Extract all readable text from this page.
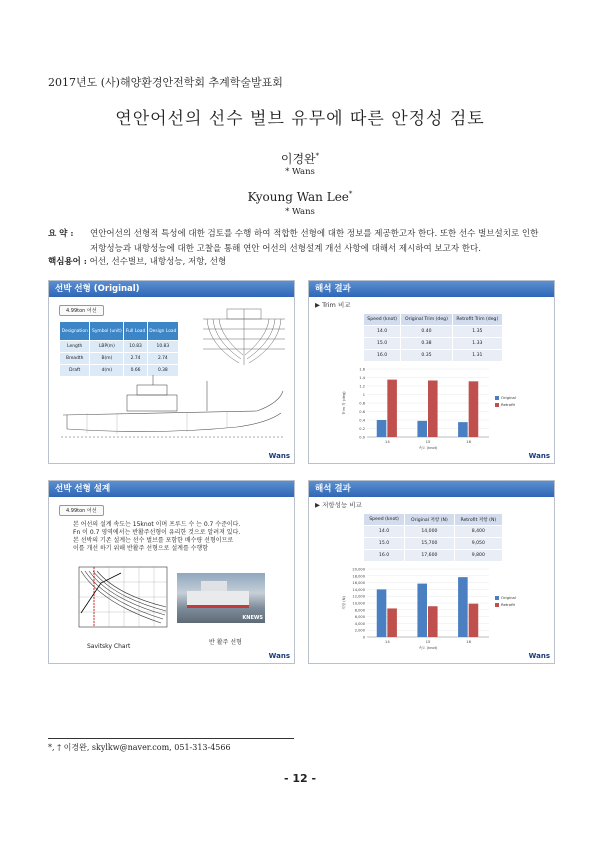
2017년도 (사)해양환경안전학회 추계학술발표회
연안어선의 선수 벌브 유무에 따른 안정성 검토
이경완*
* Wans
Kyoung Wan Lee*
* Wans
요 약 : 연안어선의 선형적 특성에 대한 검토를 수행 하여 적합한 선형에 대한 정보를 제공한고자 한다. 또한 선수 벌브설치로 인한
저항성능과 내항성능에 대한 고찰을 통해 연안 어선의 선형설계 개선 사항에 대해서 제시하여 보고자 한다.
핵심용어 : 어선, 선수벌브, 내항성능, 저항, 선형
선박 선형 (Original)
4.99ton 어선
Designation	Symbol (unit)	Full Load	Design Load
Length	LBP(m)	10.83	10.83
Breadth	B(m)	2.74	2.74
Draft	d(m)	0.66	0.38
Wans
해석 결과
▶ Trim 비교
Speed (knot)	Original Trim (deg)	Retrofit Trim (deg)
14.0	0.40	1.35
15.0	0.38	1.33
16.0	0.35	1.31
0.0
0.2
0.4
0.6
0.8
1
1.2
1.4
1.6
14	15	16
속도 (knot)
Trim 각 (deg)	Original
Retrofit
Wans
선박 선형 설계
4.99ton 어선
본 어선의 설계 속도는 15knot 이며 프루드 수 는 0.7 수준이다.
Fn 이 0.7 영역에서는 반활주선형이 유리한 것으로 알려져 있다.
본 선박의 기존 설계는 선수 벌브를 포함한 배수량 선형이므로
이를 개선 하기 위해 반활주 선형으로 설계를 수행함
Savitsky Chart
KNEWS
반 활주 선형
Wans
해석 결과
▶ 저항성능 비교
Speed (knot)	Original 저항 (N)	Retrofit 저항 (N)
14.0	14,000	8,400
15.0	15,700	9,050
16.0	17,600	9,800
0
2,000
4,000
6,000
8,000
10,000
12,000
14,000
16,000
18,000
20,000
14	15	16
속도 (knot)
저항 (N)	Original
Retrofit
Wans
*, † 이경완, skylkw@naver.com, 051-313-4566
- 12 -
